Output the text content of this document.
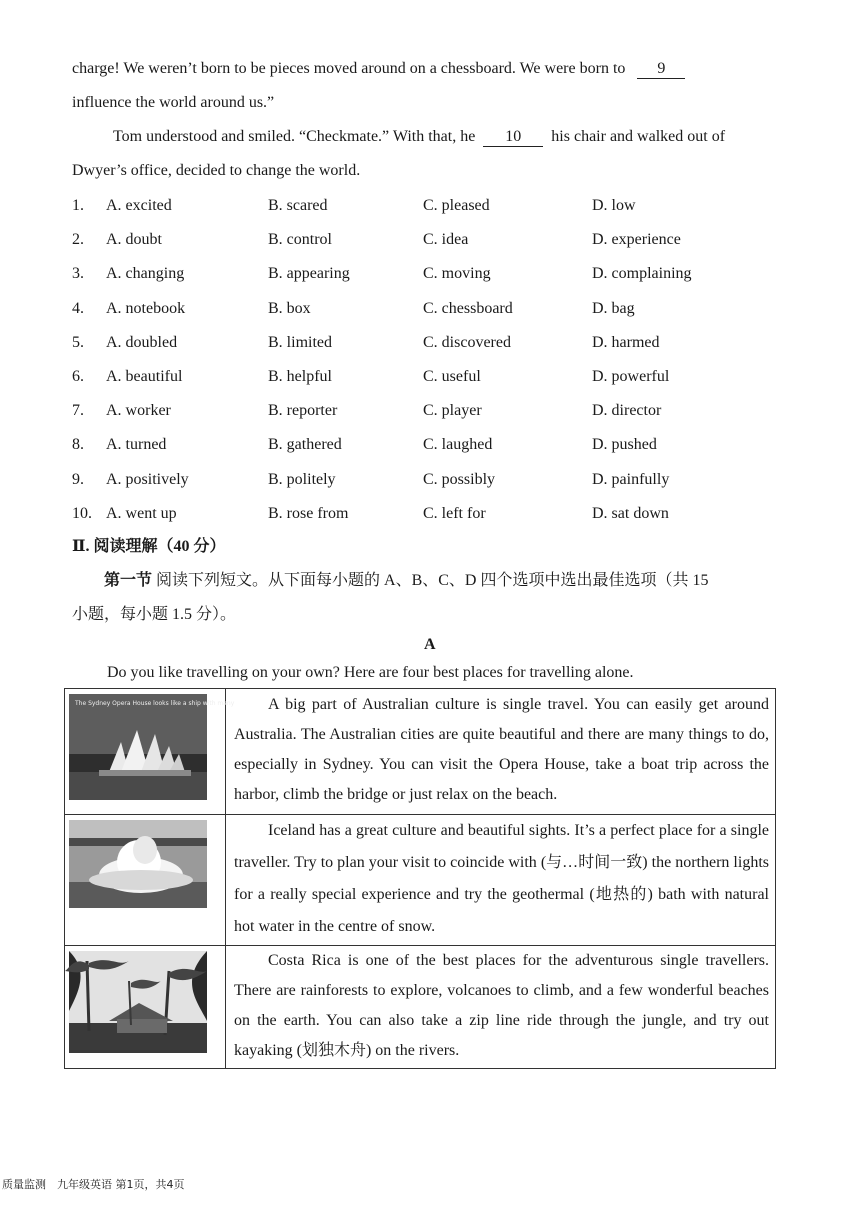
charge! We weren’t born to be pieces moved around on a chessboard. We were born to 9
influence the world around us.”
Tom understood and smiled. “Checkmate.” With that, he 10 his chair and walked out of
Dwyer’s office, decided to change the world.
1. A. excited	B. scared	C. pleased	D. low
2. A. doubt	B. control	C. idea	D. experience
3. A. changing	B. appearing	C. moving	D. complaining
4. A. notebook	B. box	C. chessboard	D. bag
5. A. doubled	B. limited	C. discovered	D. harmed
6. A. beautiful	B. helpful	C. useful	D. powerful
7. A. worker	B. reporter	C. player	D. director
8. A. turned	B. gathered	C. laughed	D. pushed
9. A. positively	B. politely	C. possibly	D. painfully
10. A. went up	B. rose from	C. left for	D. sat down
Ⅱ. 阅读理解（40 分）
第一节 阅读下列短文。从下面每小题的 A、B、C、D 四个选项中选出最佳选项（共 15
小题，每小题 1.5 分）。
A
Do you like travelling on your own? Here are four best places for travelling alone.
The Sydney Opera House looks like a ship with many	A big part of Australian culture is single travel. You can easily get around Australia. The Australian cities are quite beautiful and there are many things to do, especially in Sydney. You can visit the Opera House, take a boat trip across the harbor, climb the bridge or just relax on the beach.

Iceland has a great culture and beautiful sights. It’s a perfect place for a single traveller. Try to plan your visit to coincide with (与…时间一致) the northern lights for a really special experience and try the geothermal (地热的) bath with natural hot water in the centre of snow.

Costa Rica is one of the best places for the adventurous single travellers. There are rainforests to explore, volcanoes to climb, and a few wonderful beaches on the earth. You can also take a zip line ride through the jungle, and try out kayaking (划独木舟) on the rivers.
质量监测　九年级英语 第1页，共4页
